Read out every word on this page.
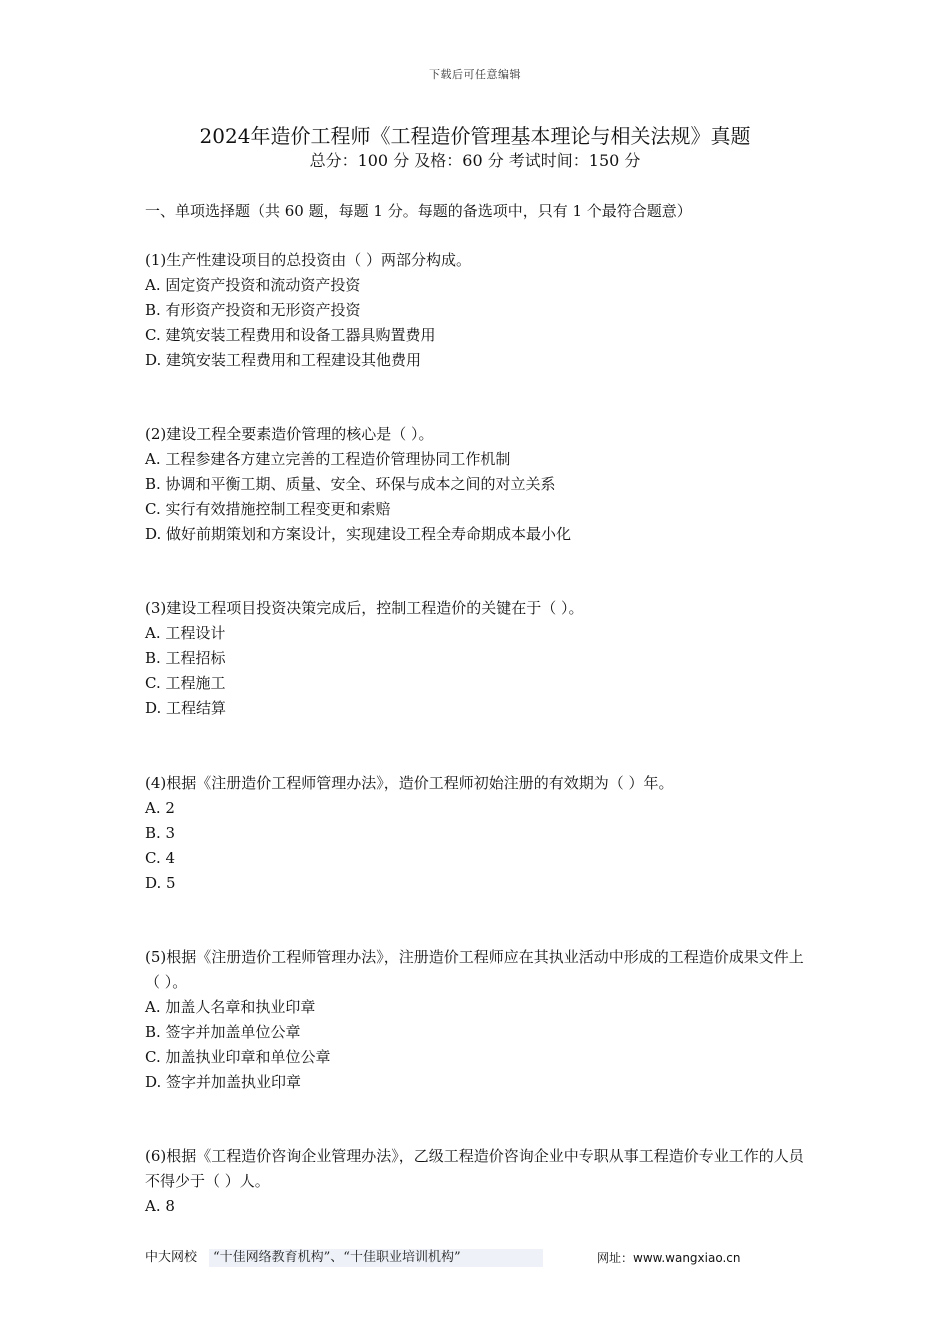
下载后可任意编辑
2024年造价工程师《工程造价管理基本理论与相关法规》真题
总分：100 分 及格：60 分 考试时间：150 分
一、单项选择题（共 60 题，每题 1 分。每题的备选项中，只有 1 个最符合题意）

(1)生产性建设项目的总投资由（ ）两部分构成。

A. 固定资产投资和流动资产投资

B. 有形资产投资和无形资产投资

C. 建筑安装工程费用和设备工器具购置费用

D. 建筑安装工程费用和工程建设其他费用

(2)建设工程全要素造价管理的核心是（ ）。

A. 工程参建各方建立完善的工程造价管理协同工作机制

B. 协调和平衡工期、质量、安全、环保与成本之间的对立关系

C. 实行有效措施控制工程变更和索赔

D. 做好前期策划和方案设计，实现建设工程全寿命期成本最小化

(3)建设工程项目投资决策完成后，控制工程造价的关键在于（ ）。

A. 工程设计

B. 工程招标

C. 工程施工

D. 工程结算

(4)根据《注册造价工程师管理办法》，造价工程师初始注册的有效期为（ ）年。

A. 2

B. 3

C. 4

D. 5

(5)根据《注册造价工程师管理办法》，注册造价工程师应在其执业活动中形成的工程造价成果文件上（ ）。

A. 加盖人名章和执业印章

B. 签字并加盖单位公章

C. 加盖执业印章和单位公章

D. 签字并加盖执业印章

(6)根据《工程造价咨询企业管理办法》，乙级工程造价咨询企业中专职从事工程造价专业工作的人员不得少于（ ）人。

A. 8

中大网校	“十佳网络教育机构”、“十佳职业培训机构”	网址：www.wangxiao.cn
